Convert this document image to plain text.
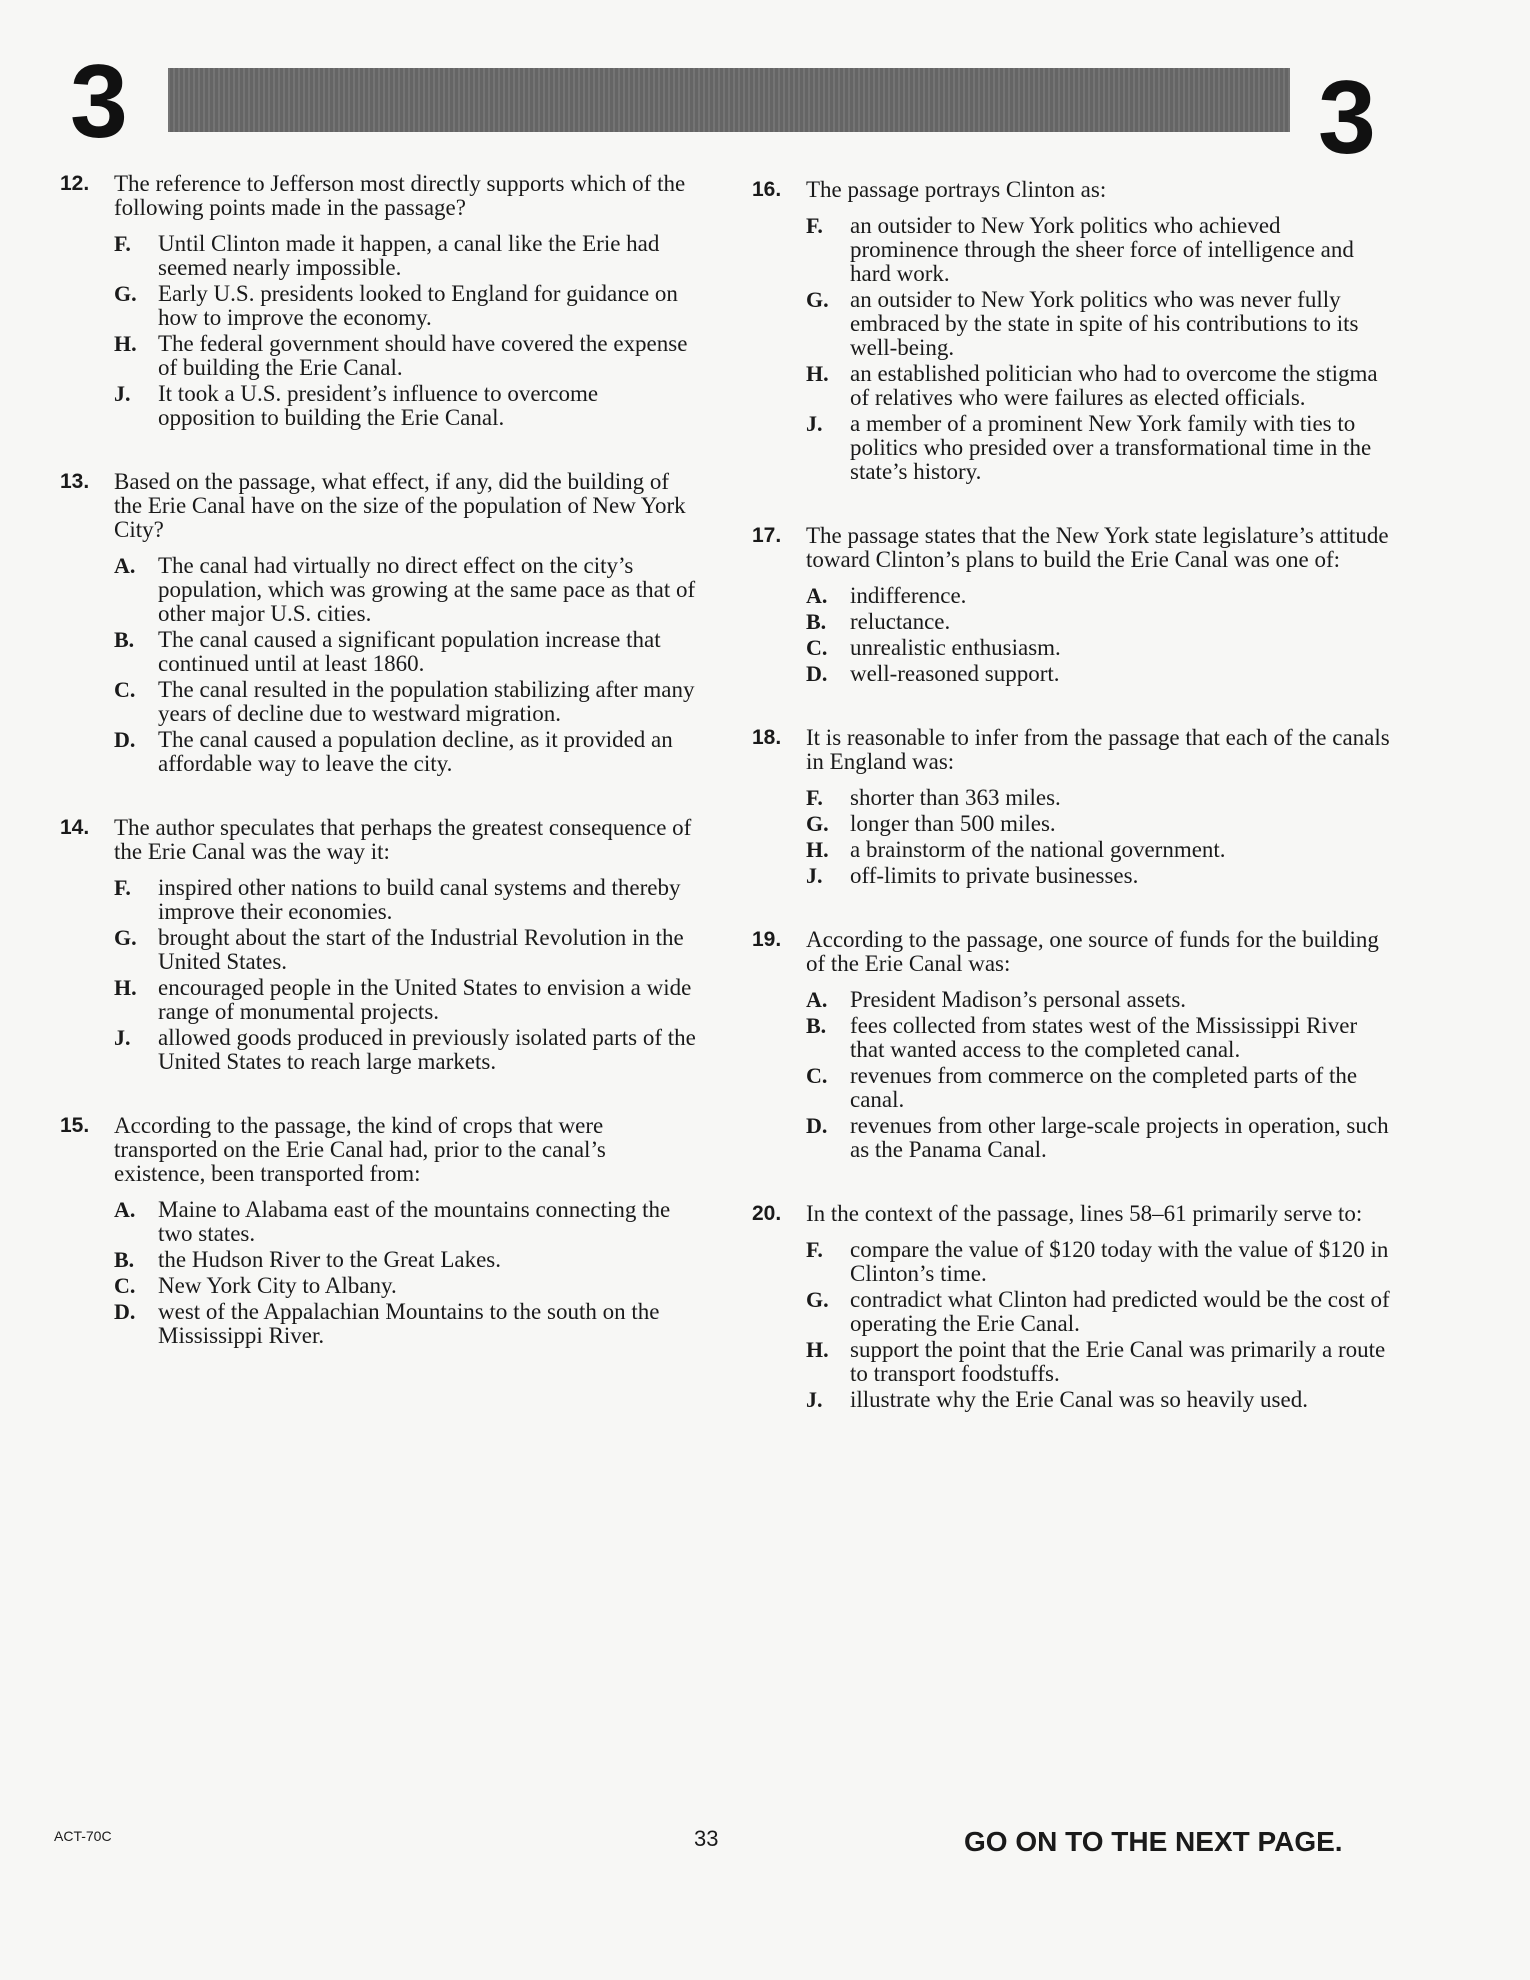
3	3
12. The reference to Jefferson most directly supports which of the following points made in the passage?
F. Until Clinton made it happen, a canal like the Erie had seemed nearly impossible.
G. Early U.S. presidents looked to England for guidance on how to improve the economy.
H. The federal government should have covered the expense of building the Erie Canal.
J. It took a U.S. president’s influence to overcome opposition to building the Erie Canal.
13. Based on the passage, what effect, if any, did the building of the Erie Canal have on the size of the population of New York City?
A. The canal had virtually no direct effect on the city’s population, which was growing at the same pace as that of other major U.S. cities.
B. The canal caused a significant population increase that continued until at least 1860.
C. The canal resulted in the population stabilizing after many years of decline due to westward migration.
D. The canal caused a population decline, as it provided an affordable way to leave the city.
14. The author speculates that perhaps the greatest consequence of the Erie Canal was the way it:
F. inspired other nations to build canal systems and thereby improve their economies.
G. brought about the start of the Industrial Revolution in the United States.
H. encouraged people in the United States to envision a wide range of monumental projects.
J. allowed goods produced in previously isolated parts of the United States to reach large markets.
15. According to the passage, the kind of crops that were transported on the Erie Canal had, prior to the canal’s existence, been transported from:
A. Maine to Alabama east of the mountains connecting the two states.
B. the Hudson River to the Great Lakes.
C. New York City to Albany.
D. west of the Appalachian Mountains to the south on the Mississippi River.
16. The passage portrays Clinton as:
F. an outsider to New York politics who achieved prominence through the sheer force of intelligence and hard work.
G. an outsider to New York politics who was never fully embraced by the state in spite of his contributions to its well-being.
H. an established politician who had to overcome the stigma of relatives who were failures as elected officials.
J. a member of a prominent New York family with ties to politics who presided over a transformational time in the state’s history.
17. The passage states that the New York state legislature’s attitude toward Clinton’s plans to build the Erie Canal was one of:
A. indifference.
B. reluctance.
C. unrealistic enthusiasm.
D. well-reasoned support.
18. It is reasonable to infer from the passage that each of the canals in England was:
F. shorter than 363 miles.
G. longer than 500 miles.
H. a brainstorm of the national government.
J. off-limits to private businesses.
19. According to the passage, one source of funds for the building of the Erie Canal was:
A. President Madison’s personal assets.
B. fees collected from states west of the Mississippi River that wanted access to the completed canal.
C. revenues from commerce on the completed parts of the canal.
D. revenues from other large-scale projects in operation, such as the Panama Canal.
20. In the context of the passage, lines 58–61 primarily serve to:
F. compare the value of $120 today with the value of $120 in Clinton’s time.
G. contradict what Clinton had predicted would be the cost of operating the Erie Canal.
H. support the point that the Erie Canal was primarily a route to transport foodstuffs.
J. illustrate why the Erie Canal was so heavily used.
ACT-70C	33	GO ON TO THE NEXT PAGE.
